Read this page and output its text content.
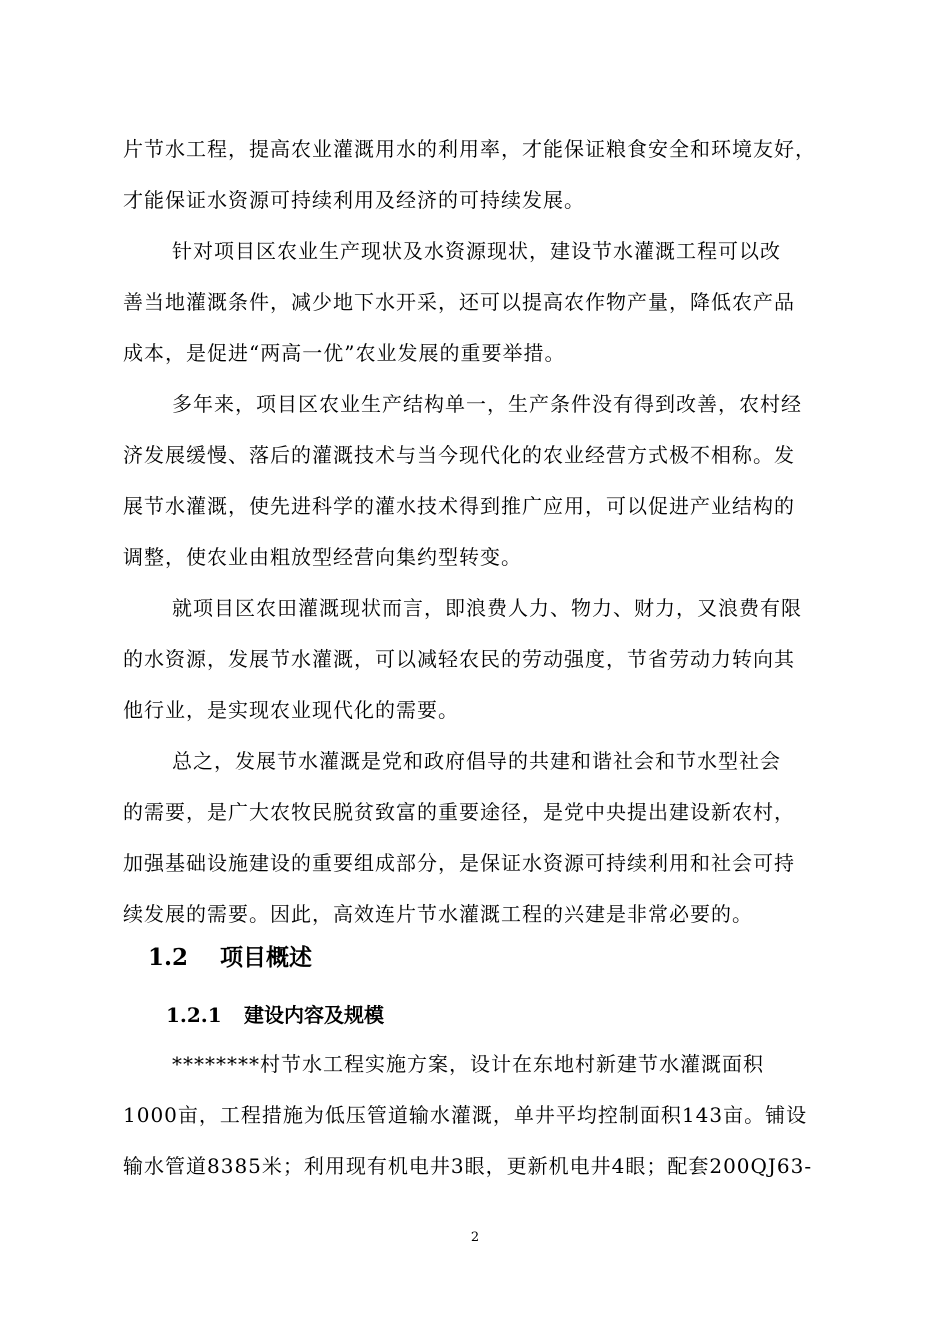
片节水工程，提高农业灌溉用水的利用率，才能保证粮食安全和环境友好，
才能保证水资源可持续利用及经济的可持续发展。

针对项目区农业生产现状及水资源现状，建设节水灌溉工程可以改
善当地灌溉条件，减少地下水开采，还可以提高农作物产量，降低农产品
成本，是促进“两高一优”农业发展的重要举措。

多年来，项目区农业生产结构单一，生产条件没有得到改善，农村经
济发展缓慢、落后的灌溉技术与当今现代化的农业经营方式极不相称。发
展节水灌溉，使先进科学的灌水技术得到推广应用，可以促进产业结构的
调整，使农业由粗放型经营向集约型转变。

就项目区农田灌溉现状而言，即浪费人力、物力、财力，又浪费有限
的水资源，发展节水灌溉，可以减轻农民的劳动强度，节省劳动力转向其
他行业，是实现农业现代化的需要。

总之，发展节水灌溉是党和政府倡导的共建和谐社会和节水型社会
的需要，是广大农牧民脱贫致富的重要途径，是党中央提出建设新农村，
加强基础设施建设的重要组成部分，是保证水资源可持续利用和社会可持
续发展的需要。因此，高效连片节水灌溉工程的兴建是非常必要的。

1.2 项目概述
1.2.1 建设内容及规模

********村节水工程实施方案，设计在东地村新建节水灌溉面积
1000亩，工程措施为低压管道输水灌溉，单井平均控制面积143亩。铺设
输水管道8385米；利用现有机电井3眼，更新机电井4眼；配套200QJ63-

2
